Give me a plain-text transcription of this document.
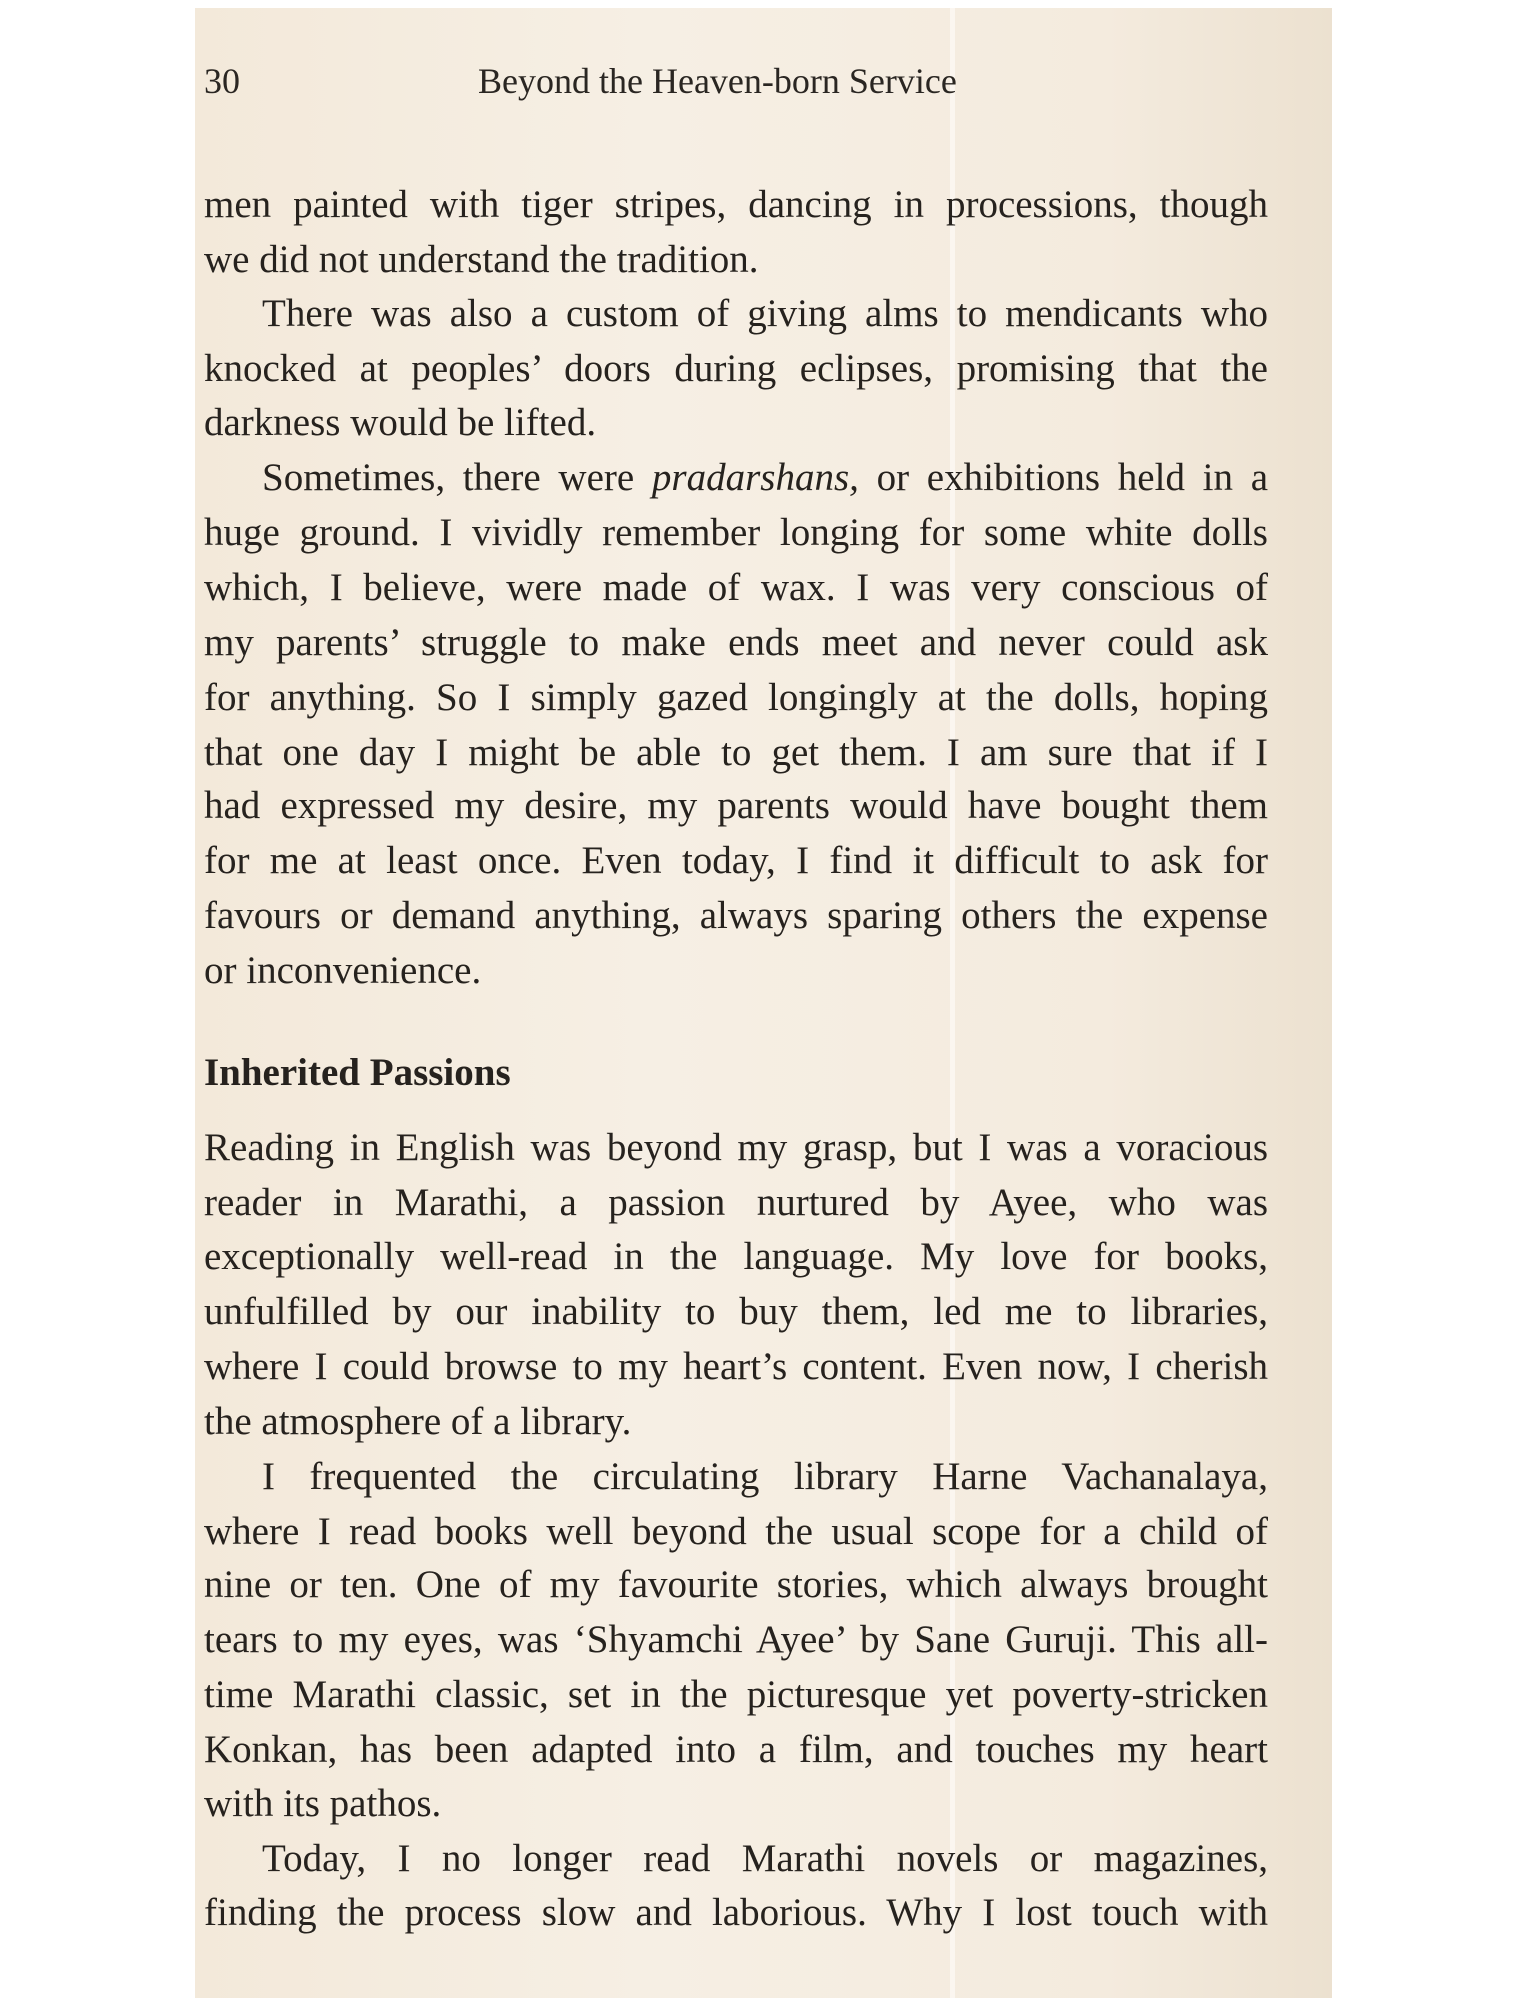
30	Beyond the Heaven-born Service
men painted with tiger stripes, dancing in processions, though
we did not understand the tradition.
There was also a custom of giving alms to mendicants who
knocked at peoples’ doors during eclipses, promising that the
darkness would be lifted.
Sometimes, there were pradarshans, or exhibitions held in a
huge ground. I vividly remember longing for some white dolls
which, I believe, were made of wax. I was very conscious of
my parents’ struggle to make ends meet and never could ask
for anything. So I simply gazed longingly at the dolls, hoping
that one day I might be able to get them. I am sure that if I
had expressed my desire, my parents would have bought them
for me at least once. Even today, I find it difficult to ask for
favours or demand anything, always sparing others the expense
or inconvenience.
Inherited Passions
Reading in English was beyond my grasp, but I was a voracious
reader in Marathi, a passion nurtured by Ayee, who was
exceptionally well-read in the language. My love for books,
unfulfilled by our inability to buy them, led me to libraries,
where I could browse to my heart’s content. Even now, I cherish
the atmosphere of a library.
I frequented the circulating library Harne Vachanalaya,
where I read books well beyond the usual scope for a child of
nine or ten. One of my favourite stories, which always brought
tears to my eyes, was ‘Shyamchi Ayee’ by Sane Guruji. This all-
time Marathi classic, set in the picturesque yet poverty-stricken
Konkan, has been adapted into a film, and touches my heart
with its pathos.
Today, I no longer read Marathi novels or magazines,
finding the process slow and laborious. Why I lost touch with
